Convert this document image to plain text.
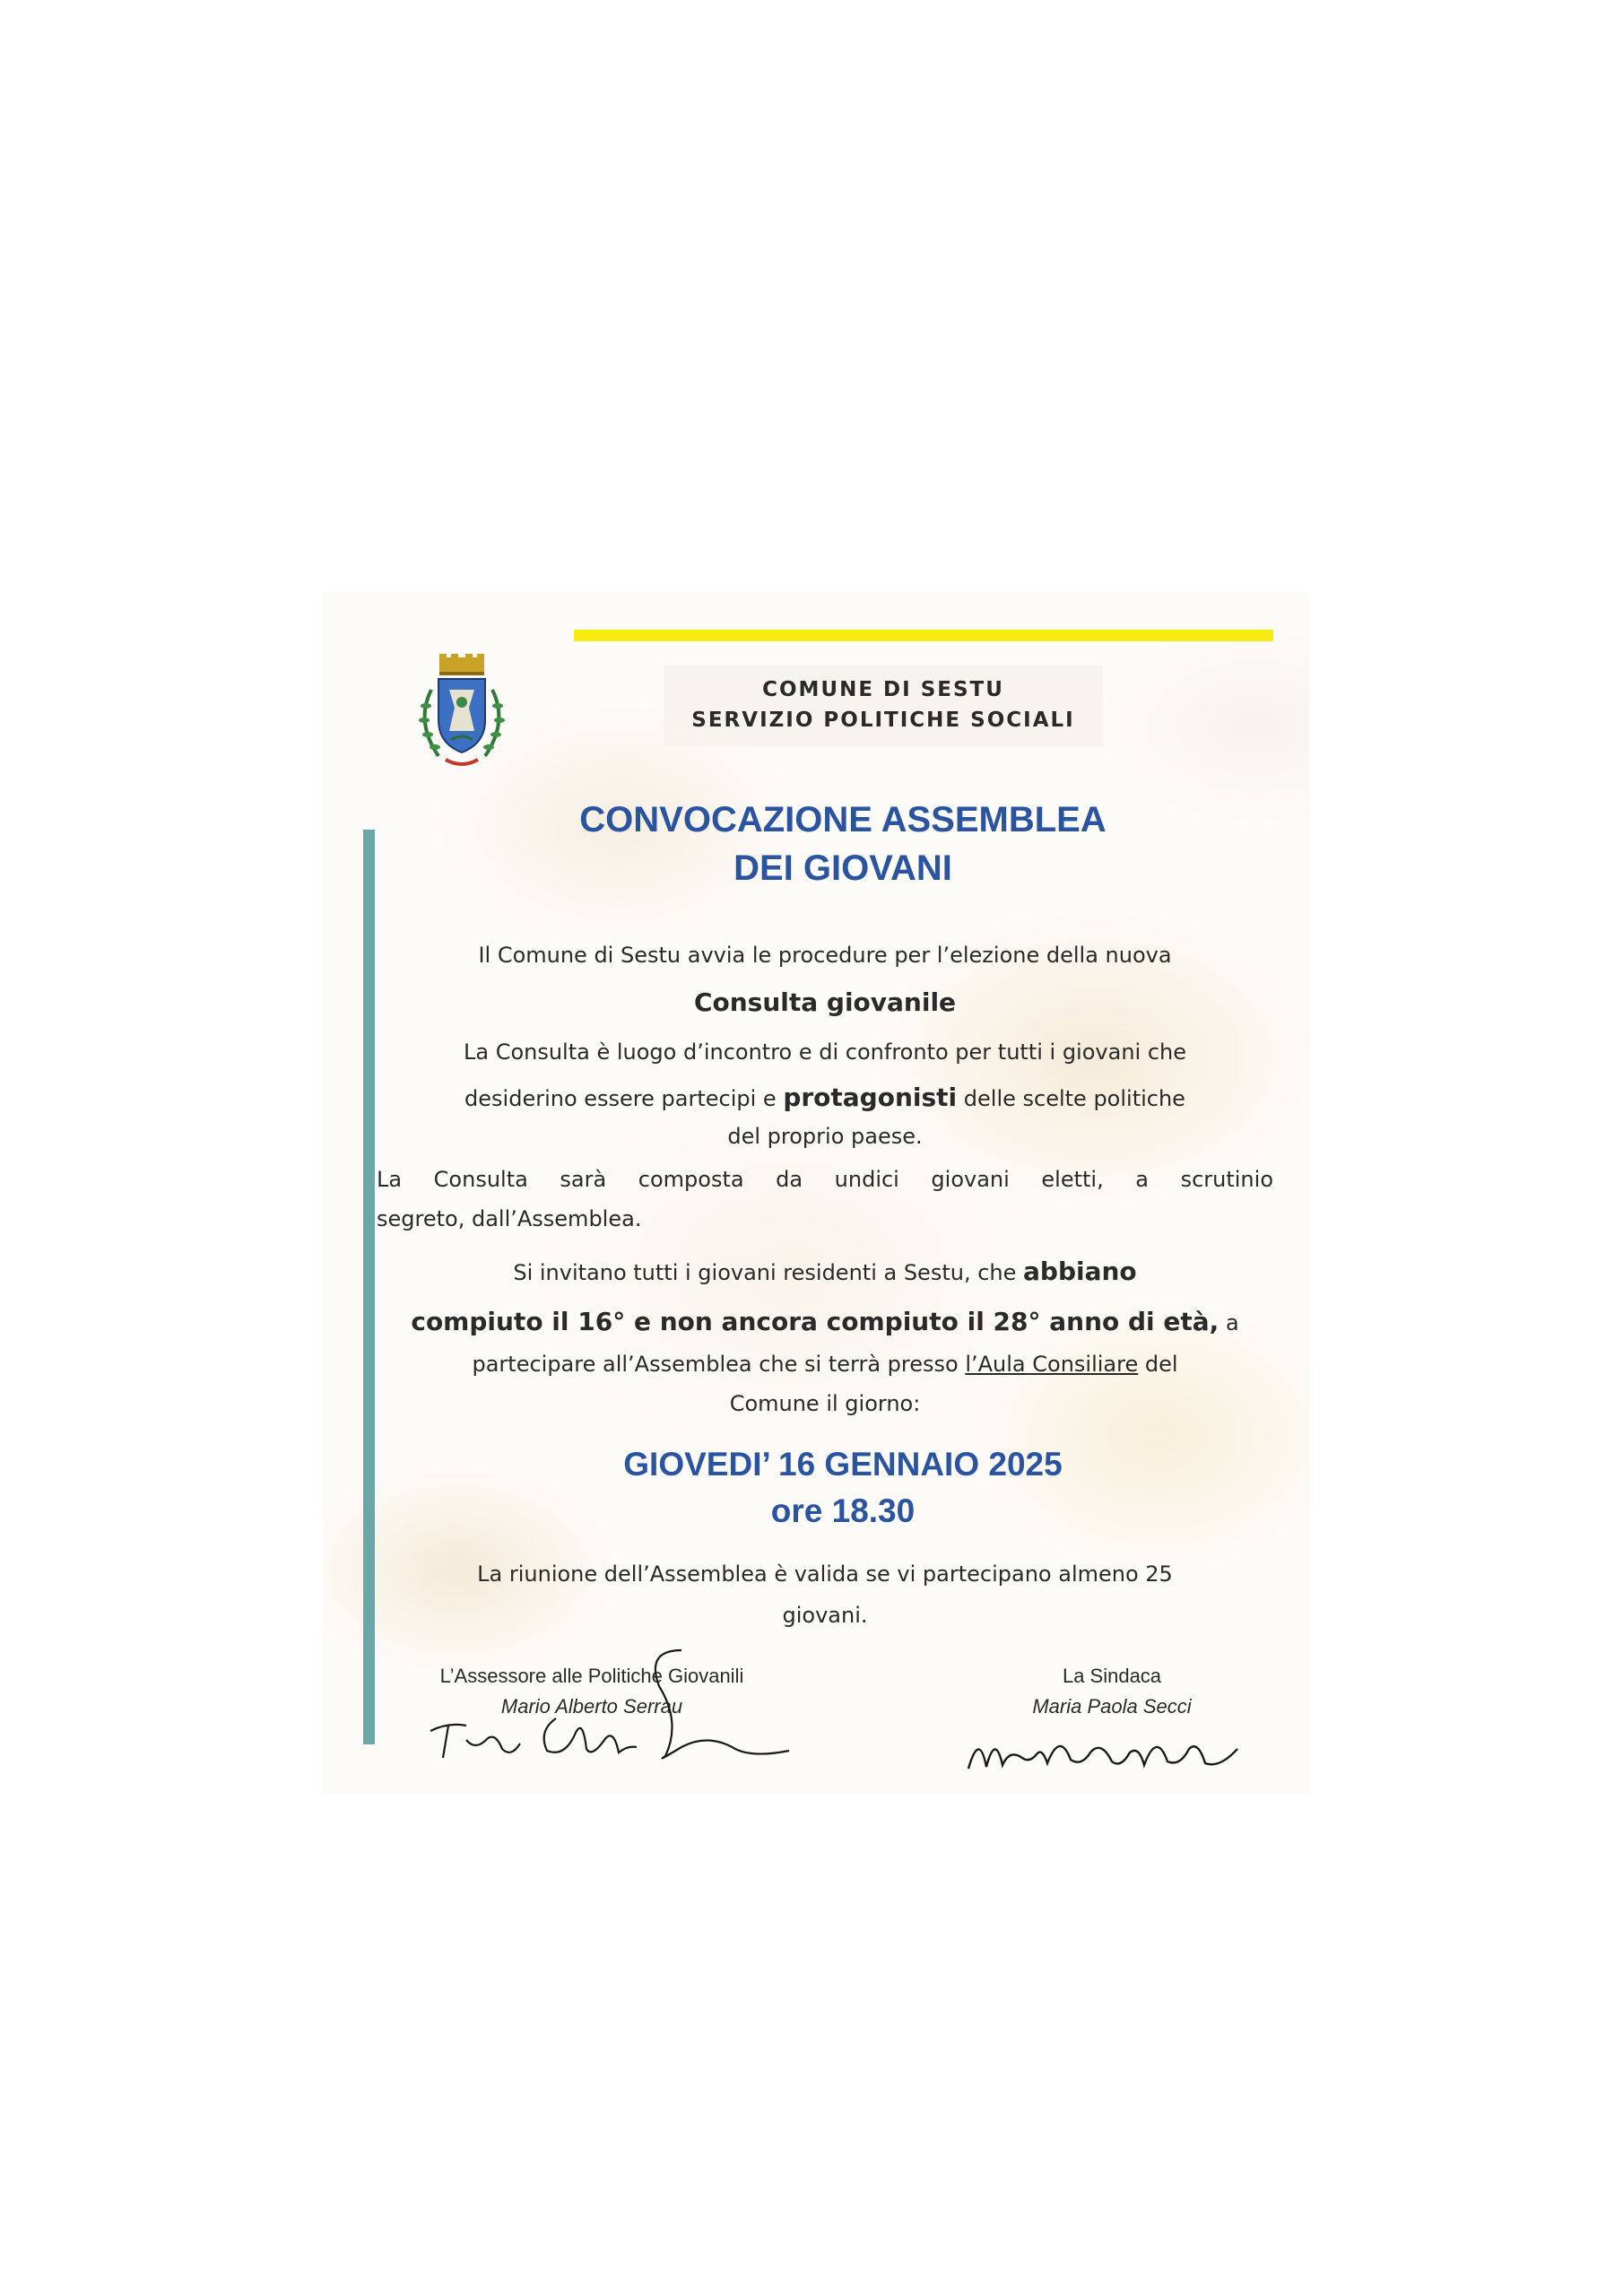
COMUNE DI SESTU
SERVIZIO POLITICHE SOCIALI
CONVOCAZIONE ASSEMBLEA
DEI GIOVANI
Il Comune di Sestu avvia le procedure per l’elezione della nuova
Consulta giovanile
La Consulta è luogo d’incontro e di confronto per tutti i giovani che
desiderino essere partecipi e protagonisti delle scelte politiche
del proprio paese.
La Consulta sarà composta da undici giovani eletti, a scrutinio
segreto, dall’Assemblea.
Si invitano tutti i giovani residenti a Sestu, che abbiano
compiuto il 16° e non ancora compiuto il 28° anno di età, a
partecipare all’Assemblea che si terrà presso l’Aula Consiliare del
Comune il giorno:
GIOVEDI’ 16 GENNAIO 2025
ore 18.30
La riunione dell’Assemblea è valida se vi partecipano almeno 25
giovani.
L’Assessore alle Politiche Giovanili
Mario Alberto Serrau
La Sindaca
Maria Paola Secci
